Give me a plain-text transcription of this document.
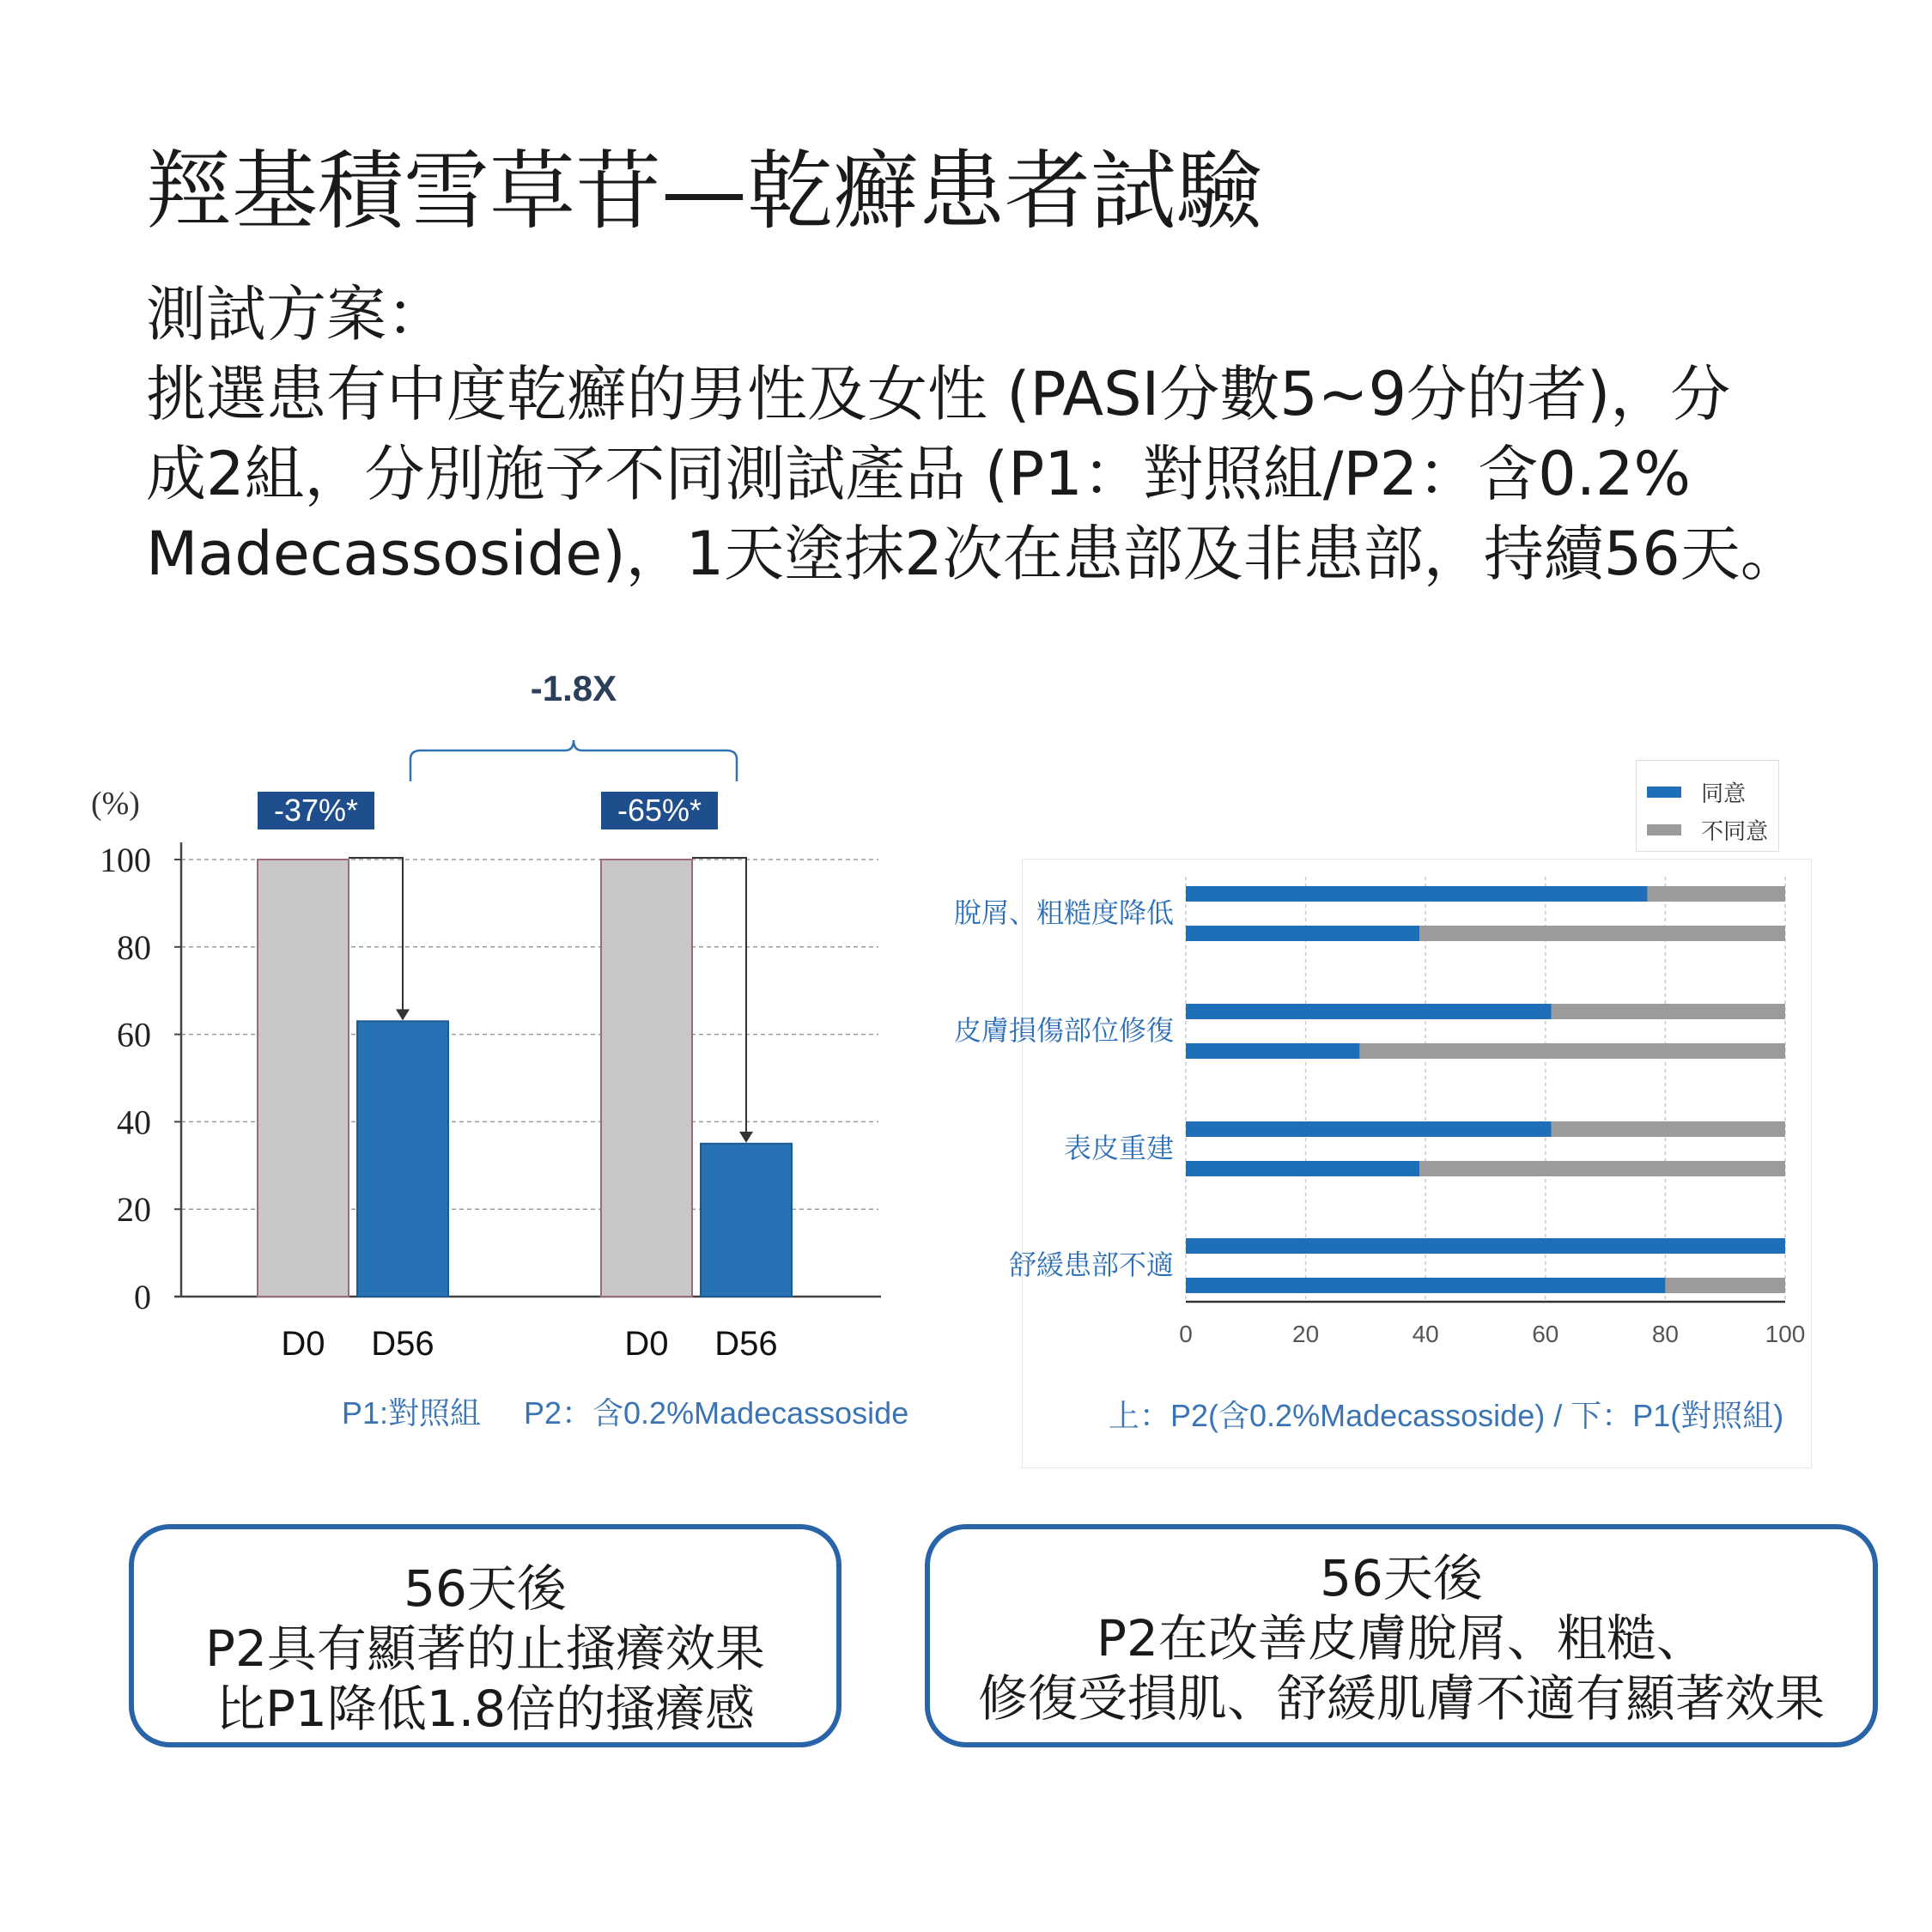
羥基積雪草苷—乾癬患者試驗
測試方案：
挑選患有中度乾癬的男性及女性 (PASI分數5~9分的者)，分
成2組，分別施予不同測試產品 (P1：對照組/P2：含0.2%
Madecassoside)，1天塗抹2次在患部及非患部，持續56天。
(%)
100
80
60
40
20
0
D0 D56
-37%*
D0 D56
-65%*
-1.8X
P1:對照組
0	20	40	60	80	100
脫屑、粗糙度降低
皮膚損傷部位修復
表皮重建
舒緩患部不適
上：P2(含0.2%Madecassoside) / 下：P1(對照組)
同意
不同意
56天後
P2具有顯著的止搔癢效果
比P1降低1.8倍的搔癢感
56天後
P2在改善皮膚脫屑、粗糙、
修復受損肌、舒緩肌膚不適有顯著效果
P2：含0.2%Madecassoside
